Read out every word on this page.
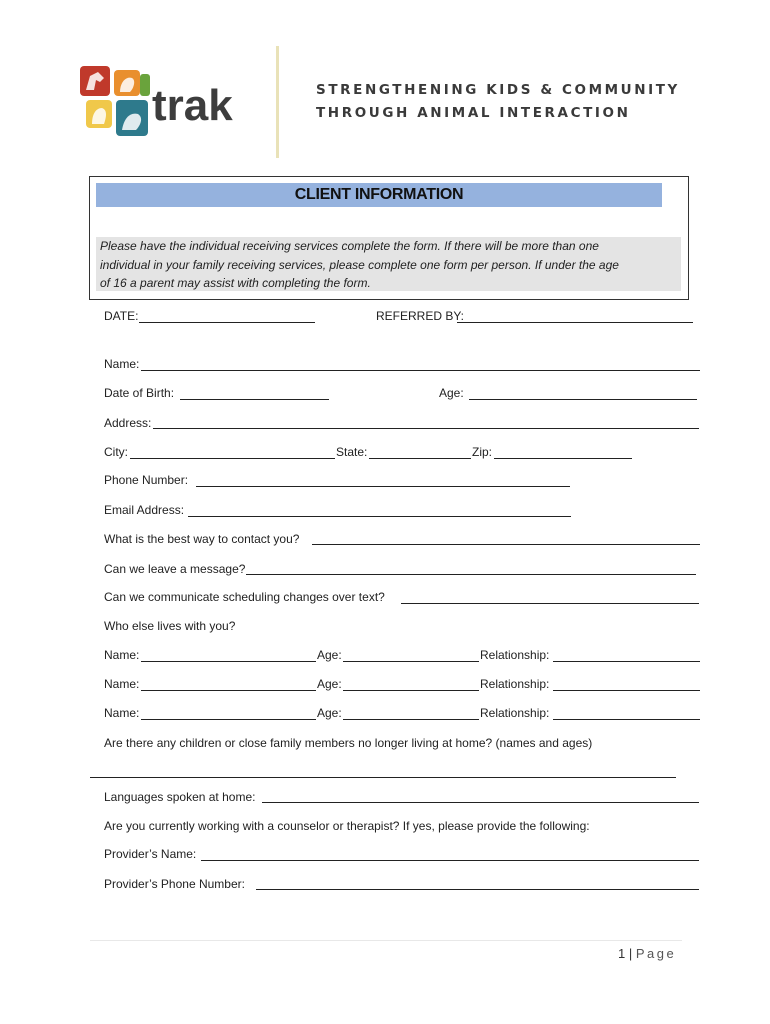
trak	STRENGTHENING KIDS & COMMUNITY
THROUGH ANIMAL INTERACTION
CLIENT INFORMATION
Please have the individual receiving services complete the form. If there will be more than one
individual in your family receiving services, please complete one form per person. If under the age
of 16 a parent may assist with completing the form.
DATE:	REFERRED BY:
Name:
Date of Birth:	Age:
Address:
City:	State:	Zip:
Phone Number:
Email Address:
What is the best way to contact you?
Can we leave a message?
Can we communicate scheduling changes over text?
Who else lives with you?
Name:	Age:	Relationship:
Name:	Age:	Relationship:
Name:	Age:	Relationship:
Are there any children or close family members no longer living at home? (names and ages)
Languages spoken at home:
Are you currently working with a counselor or therapist? If yes, please provide the following:
Provider’s Name:
Provider’s Phone Number:
1 | Page
